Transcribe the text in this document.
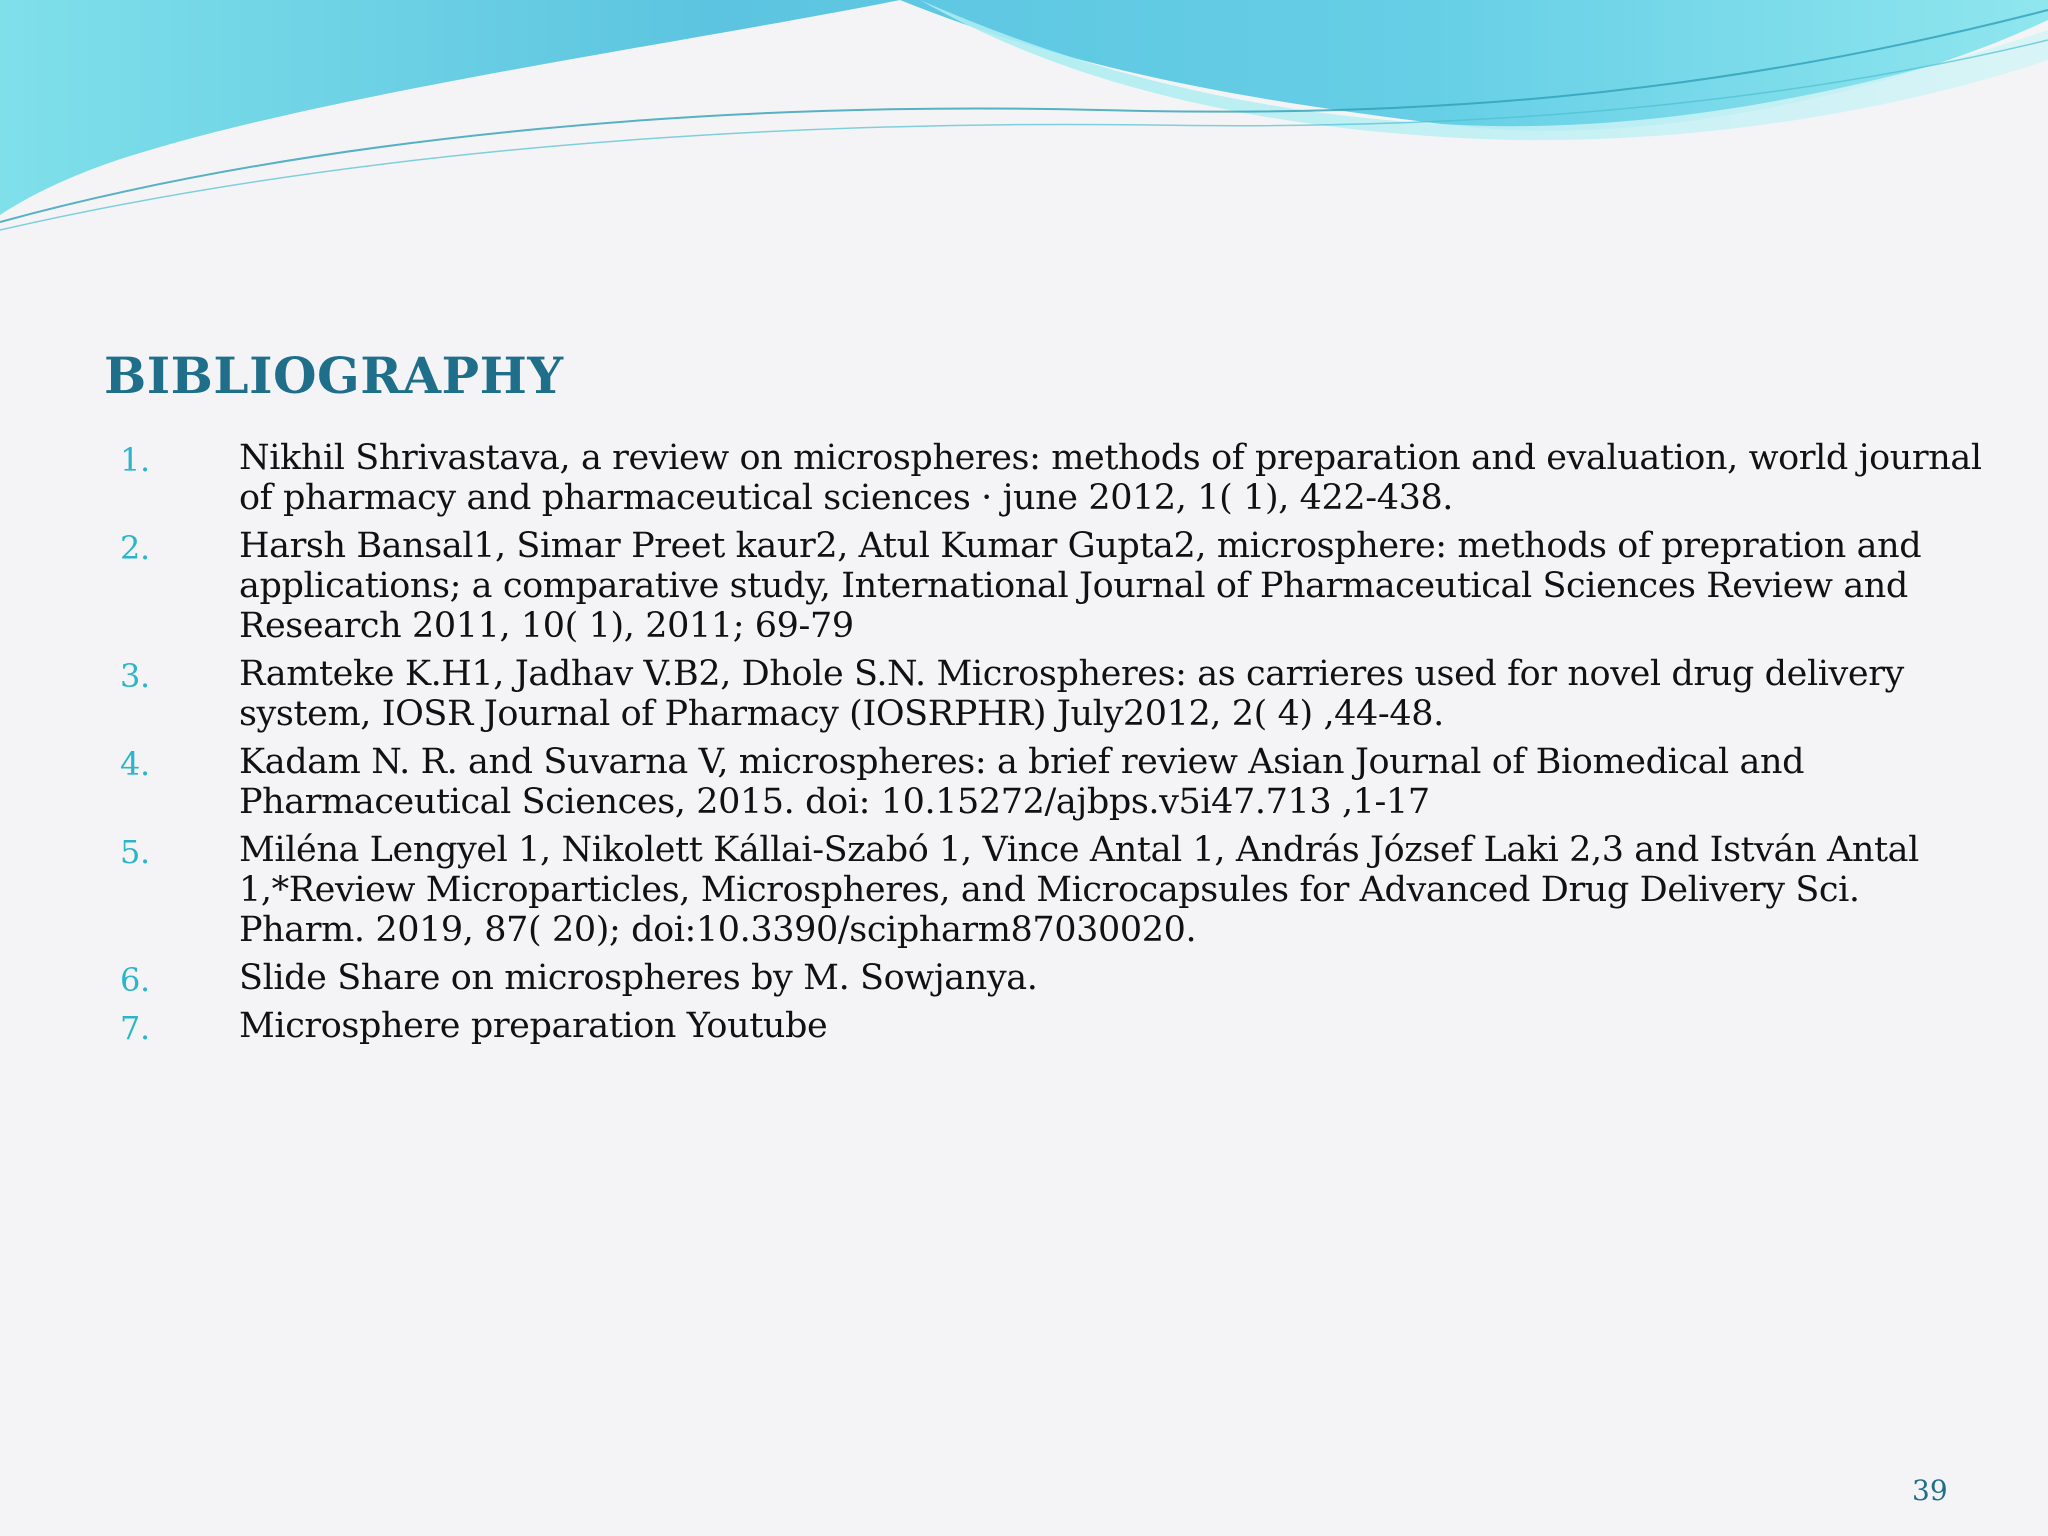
BIBLIOGRAPHY
1.	Nikhil Shrivastava, a review on microspheres: methods of preparation and evaluation, world journal of pharmacy and pharmaceutical sciences · june 2012, 1( 1), 422-438.
2.	Harsh Bansal1, Simar Preet kaur2, Atul Kumar Gupta2, microsphere: methods of prepration and applications; a comparative study, International Journal of Pharmaceutical Sciences Review and Research 2011, 10( 1), 2011; 69-79
3.	Ramteke K.H1, Jadhav V.B2, Dhole S.N. Microspheres: as carrieres used for novel drug delivery system, IOSR Journal of Pharmacy (IOSRPHR) July2012, 2( 4) ,44-48.
4.	Kadam N. R. and Suvarna V, microspheres: a brief review Asian Journal of Biomedical and Pharmaceutical Sciences, 2015. doi: 10.15272/ajbps.v5i47.713 ,1-17
5.	Miléna Lengyel 1, Nikolett Kállai-Szabó 1, Vince Antal 1, András József Laki 2,3 and István Antal 1,*Review Microparticles, Microspheres, and Microcapsules for Advanced Drug Delivery Sci. Pharm. 2019, 87( 20); doi:10.3390/scipharm87030020.
6.	Slide Share on microspheres by M. Sowjanya.
7.	Microsphere preparation Youtube
39
